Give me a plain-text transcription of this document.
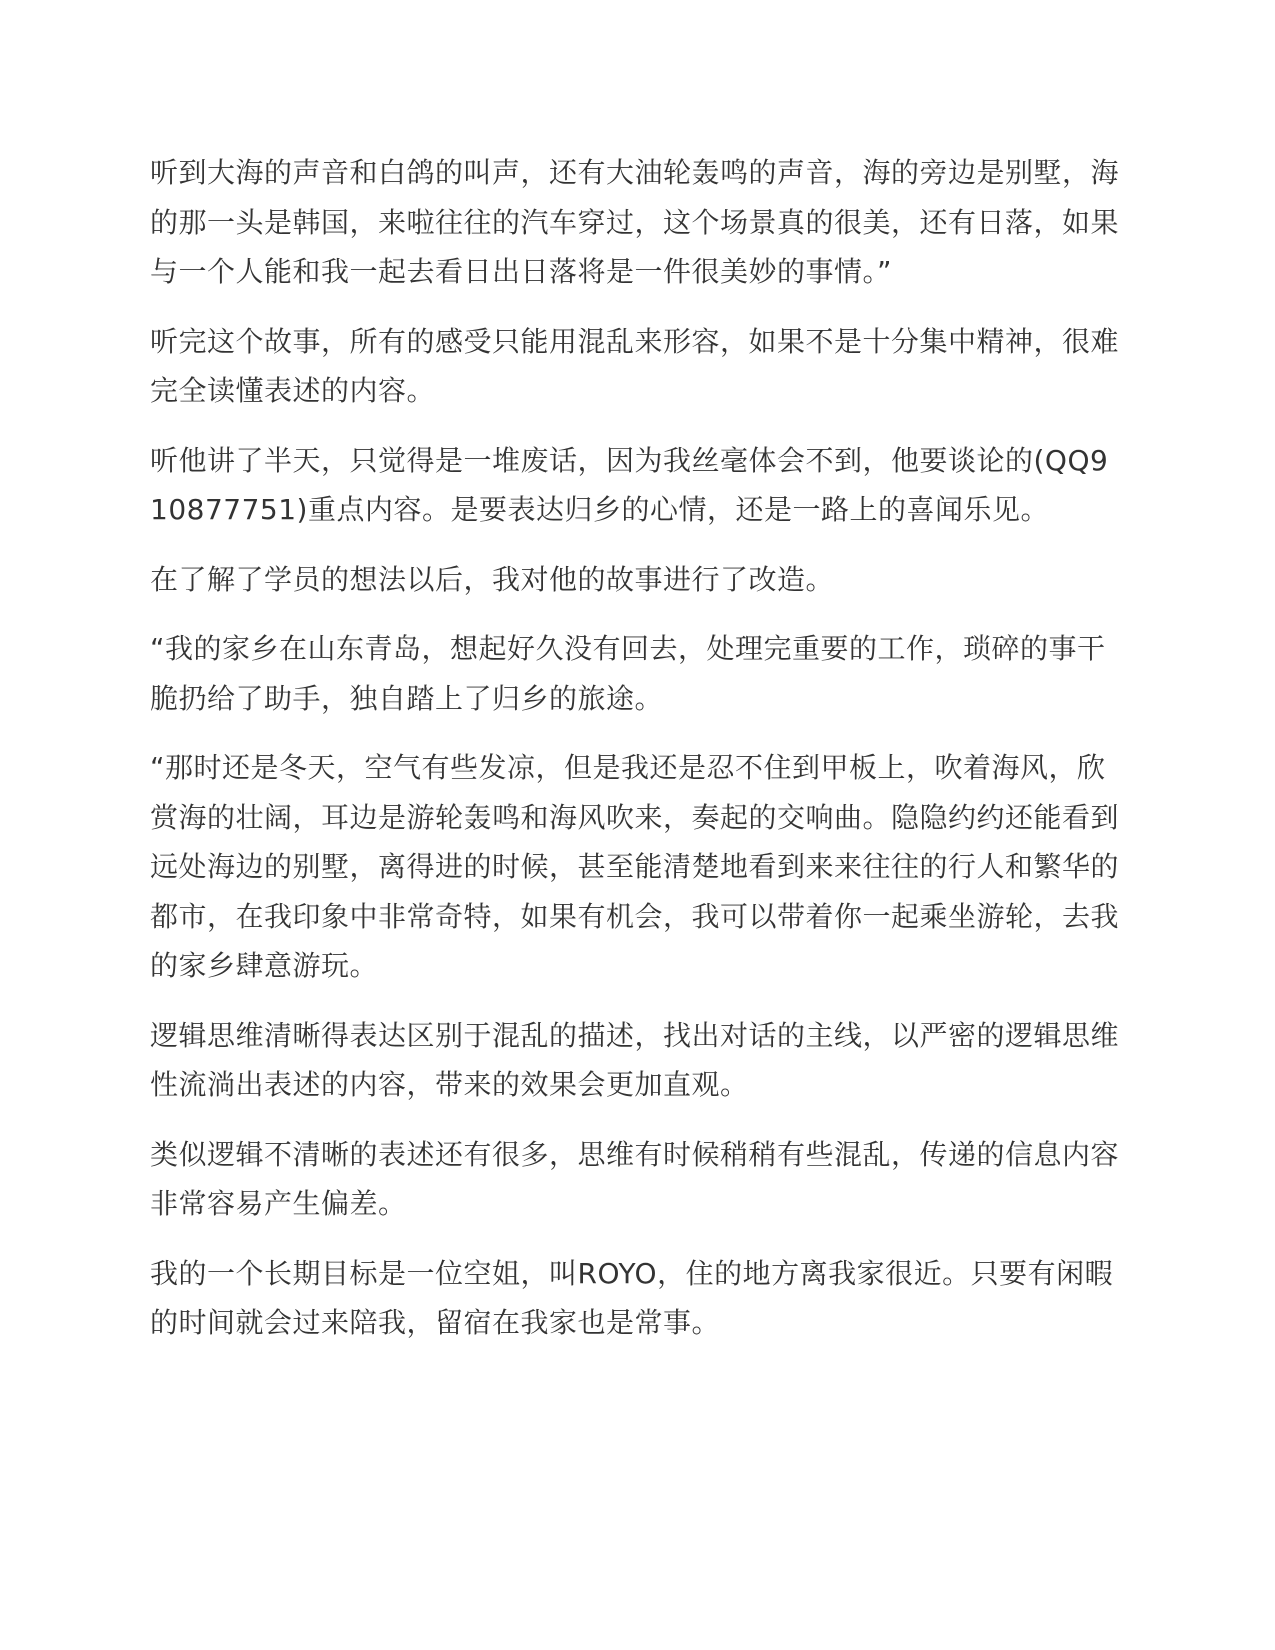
听到大海的声音和白鸽的叫声，还有大油轮轰鸣的声音，海的旁边是别墅，海的那一头是韩国，来啦往往的汽车穿过，这个场景真的很美，还有日落，如果与一个人能和我一起去看日出日落将是一件很美妙的事情。”

听完这个故事，所有的感受只能用混乱来形容，如果不是十分集中精神，很难完全读懂表述的内容。

听他讲了半天，只觉得是一堆废话，因为我丝毫体会不到，他要谈论的(QQ910877751)重点内容。是要表达归乡的心情，还是一路上的喜闻乐见。

在了解了学员的想法以后，我对他的故事进行了改造。

“我的家乡在山东青岛，想起好久没有回去，处理完重要的工作，琐碎的事干脆扔给了助手，独自踏上了归乡的旅途。

“那时还是冬天，空气有些发凉，但是我还是忍不住到甲板上，吹着海风，欣赏海的壮阔，耳边是游轮轰鸣和海风吹来，奏起的交响曲。隐隐约约还能看到远处海边的别墅，离得进的时候，甚至能清楚地看到来来往往的行人和繁华的都市，在我印象中非常奇特，如果有机会，我可以带着你一起乘坐游轮，去我的家乡肆意游玩。

逻辑思维清晰得表达区别于混乱的描述，找出对话的主线，以严密的逻辑思维性流淌出表述的内容，带来的效果会更加直观。

类似逻辑不清晰的表述还有很多，思维有时候稍稍有些混乱，传递的信息内容非常容易产生偏差。

我的一个长期目标是一位空姐，叫ROYO，住的地方离我家很近。只要有闲暇的时间就会过来陪我，留宿在我家也是常事。
